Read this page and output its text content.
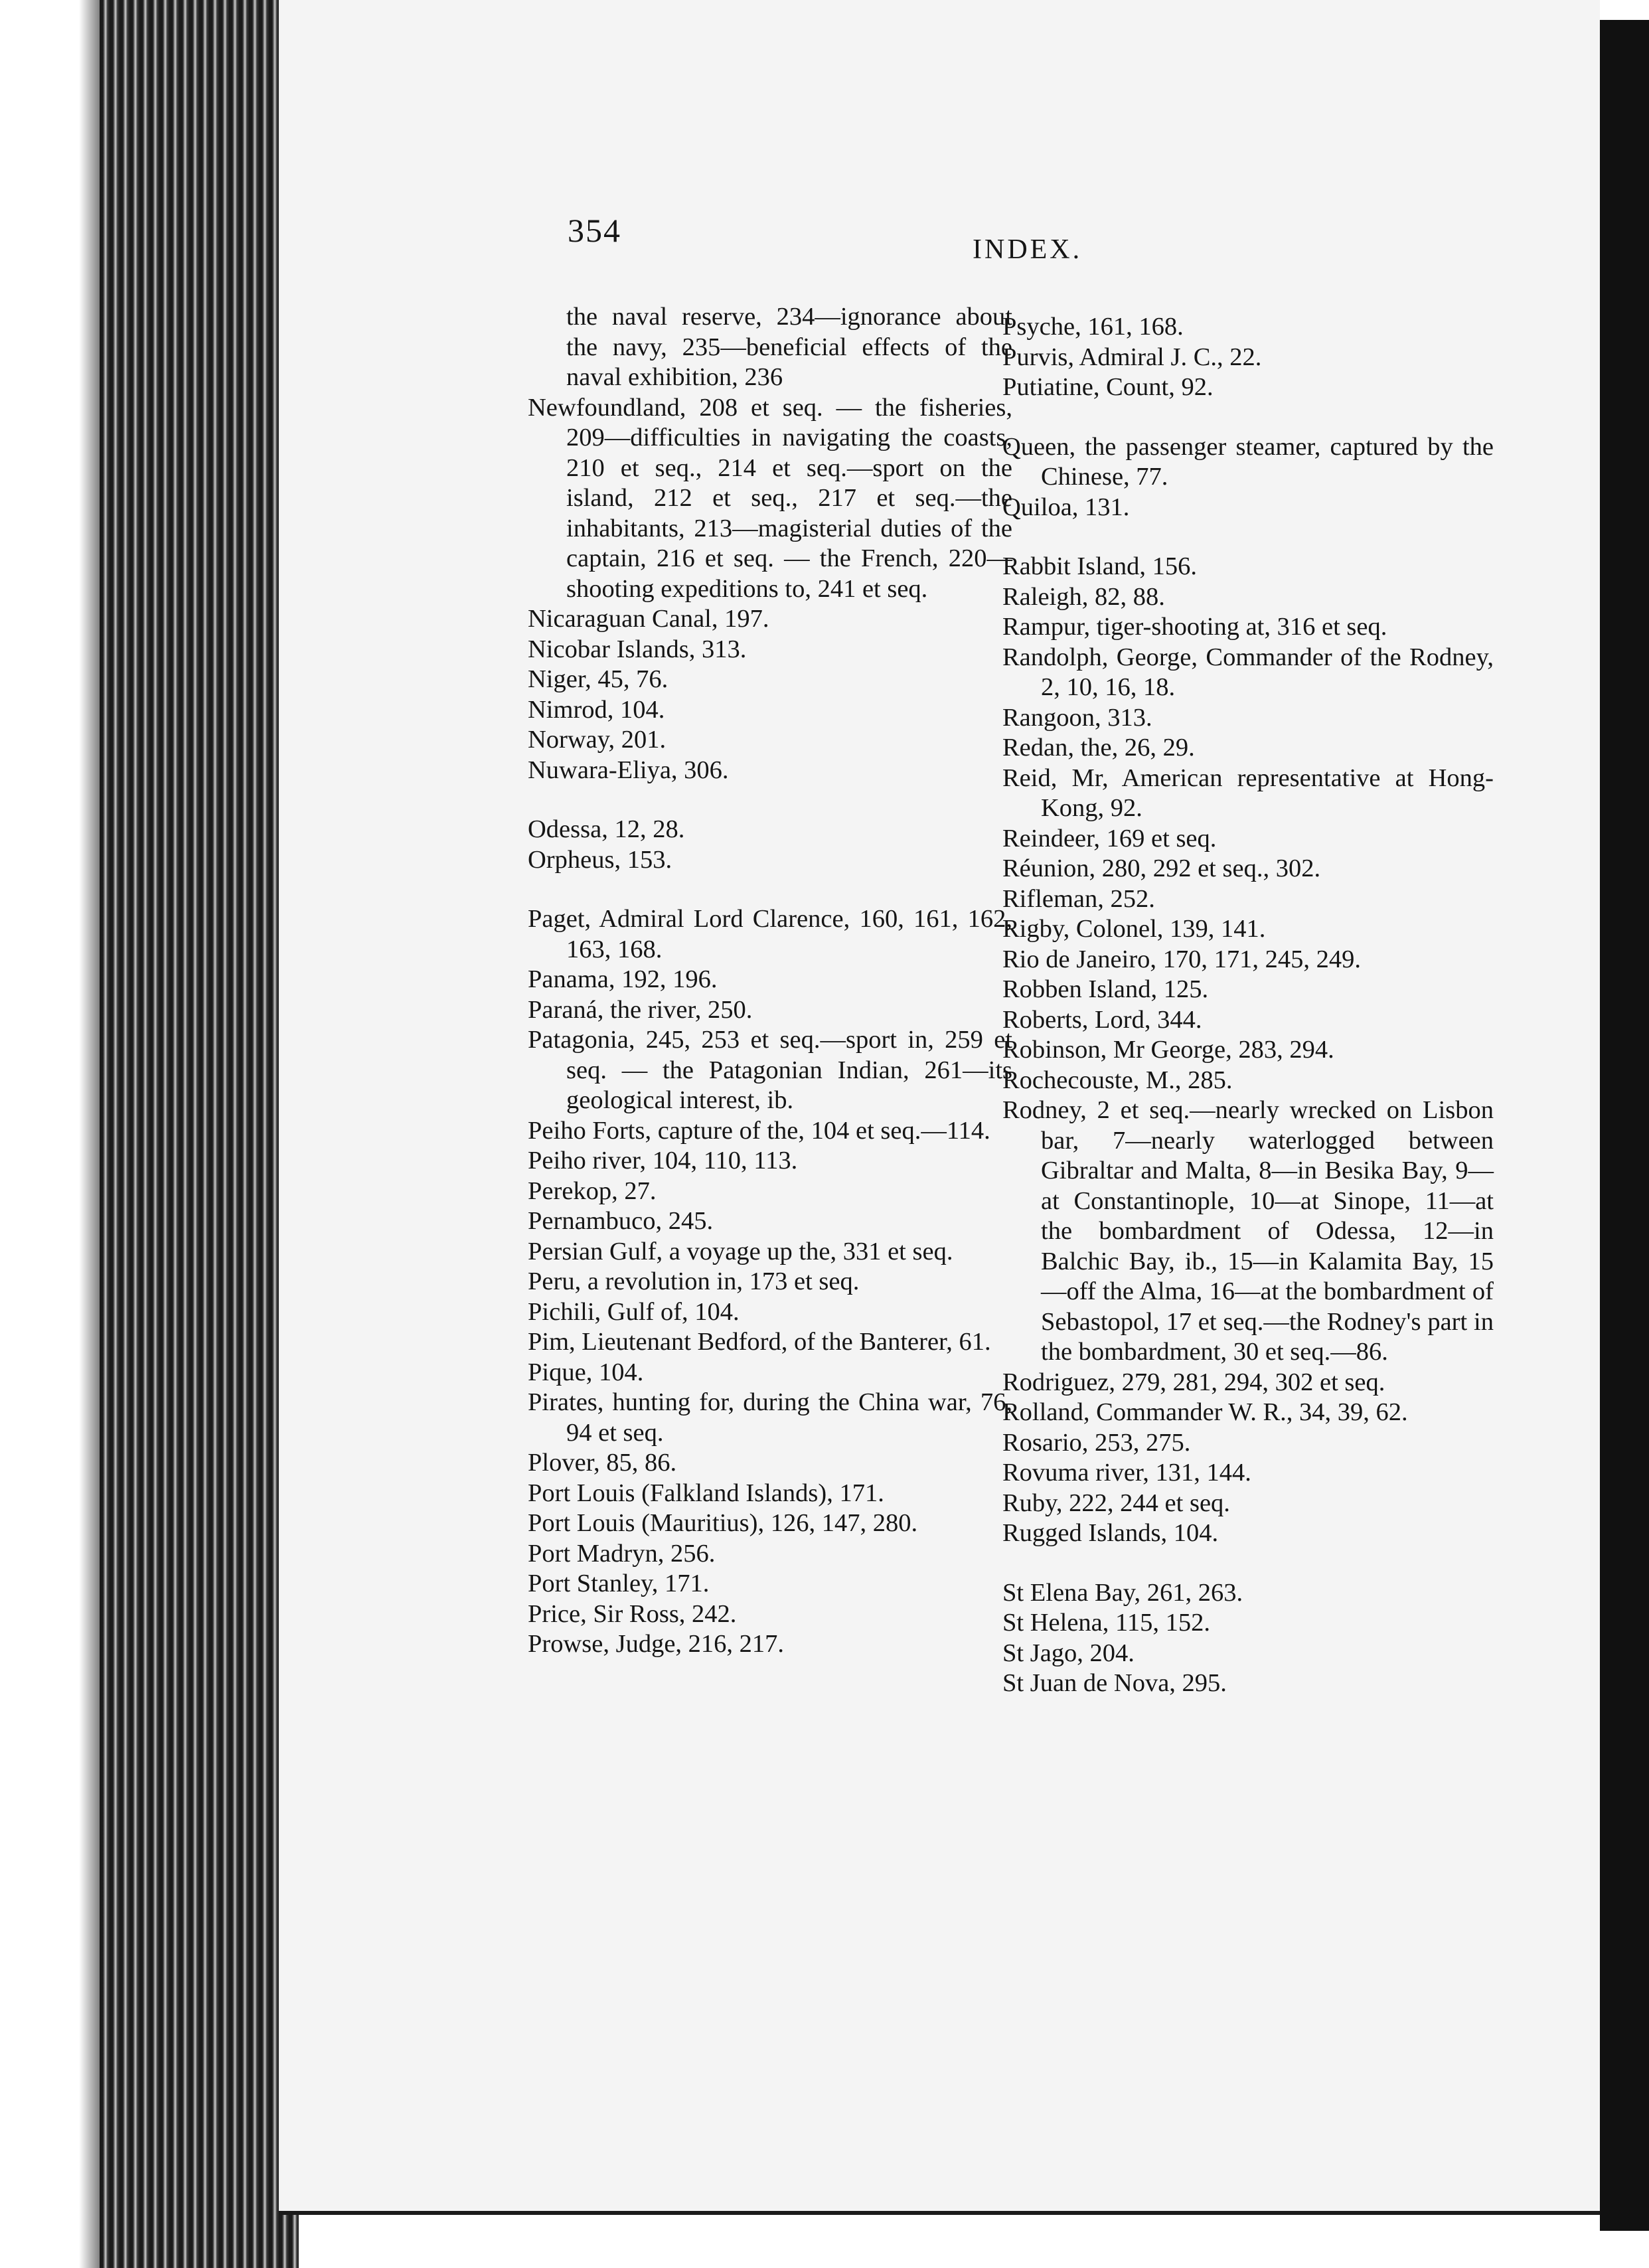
354
INDEX.
the naval reserve, 234—ignorance about the navy, 235—beneficial effects of the naval exhibition, 236
Newfoundland, 208 et seq. — the fisheries, 209—difficulties in navigating the coasts, 210 et seq., 214 et seq.—sport on the island, 212 et seq., 217 et seq.—the inhabitants, 213—magisterial duties of the captain, 216 et seq. — the French, 220—shooting expeditions to, 241 et seq.
Nicaraguan Canal, 197.
Nicobar Islands, 313.
Niger, 45, 76.
Nimrod, 104.
Norway, 201.
Nuwara-Eliya, 306.
Odessa, 12, 28.
Orpheus, 153.
Paget, Admiral Lord Clarence, 160, 161, 162, 163, 168.
Panama, 192, 196.
Paraná, the river, 250.
Patagonia, 245, 253 et seq.—sport in, 259 et seq. — the Patagonian Indian, 261—its geological interest, ib.
Peiho Forts, capture of the, 104 et seq.—114.
Peiho river, 104, 110, 113.
Perekop, 27.
Pernambuco, 245.
Persian Gulf, a voyage up the, 331 et seq.
Peru, a revolution in, 173 et seq.
Pichili, Gulf of, 104.
Pim, Lieutenant Bedford, of the Banterer, 61.
Pique, 104.
Pirates, hunting for, during the China war, 76, 94 et seq.
Plover, 85, 86.
Port Louis (Falkland Islands), 171.
Port Louis (Mauritius), 126, 147, 280.
Port Madryn, 256.
Port Stanley, 171.
Price, Sir Ross, 242.
Prowse, Judge, 216, 217.
Psyche, 161, 168.
Purvis, Admiral J. C., 22.
Putiatine, Count, 92.
Queen, the passenger steamer, captured by the Chinese, 77.
Quiloa, 131.
Rabbit Island, 156.
Raleigh, 82, 88.
Rampur, tiger-shooting at, 316 et seq.
Randolph, George, Commander of the Rodney, 2, 10, 16, 18.
Rangoon, 313.
Redan, the, 26, 29.
Reid, Mr, American representative at Hong-Kong, 92.
Reindeer, 169 et seq.
Réunion, 280, 292 et seq., 302.
Rifleman, 252.
Rigby, Colonel, 139, 141.
Rio de Janeiro, 170, 171, 245, 249.
Robben Island, 125.
Roberts, Lord, 344.
Robinson, Mr George, 283, 294.
Rochecouste, M., 285.
Rodney, 2 et seq.—nearly wrecked on Lisbon bar, 7—nearly waterlogged between Gibraltar and Malta, 8—in Besika Bay, 9—at Constantinople, 10—at Sinope, 11—at the bombardment of Odessa, 12—in Balchic Bay, ib., 15—in Kalamita Bay, 15—off the Alma, 16—at the bombardment of Sebastopol, 17 et seq.—the Rodney's part in the bombardment, 30 et seq.—86.
Rodriguez, 279, 281, 294, 302 et seq.
Rolland, Commander W. R., 34, 39, 62.
Rosario, 253, 275.
Rovuma river, 131, 144.
Ruby, 222, 244 et seq.
Rugged Islands, 104.
St Elena Bay, 261, 263.
St Helena, 115, 152.
St Jago, 204.
St Juan de Nova, 295.
